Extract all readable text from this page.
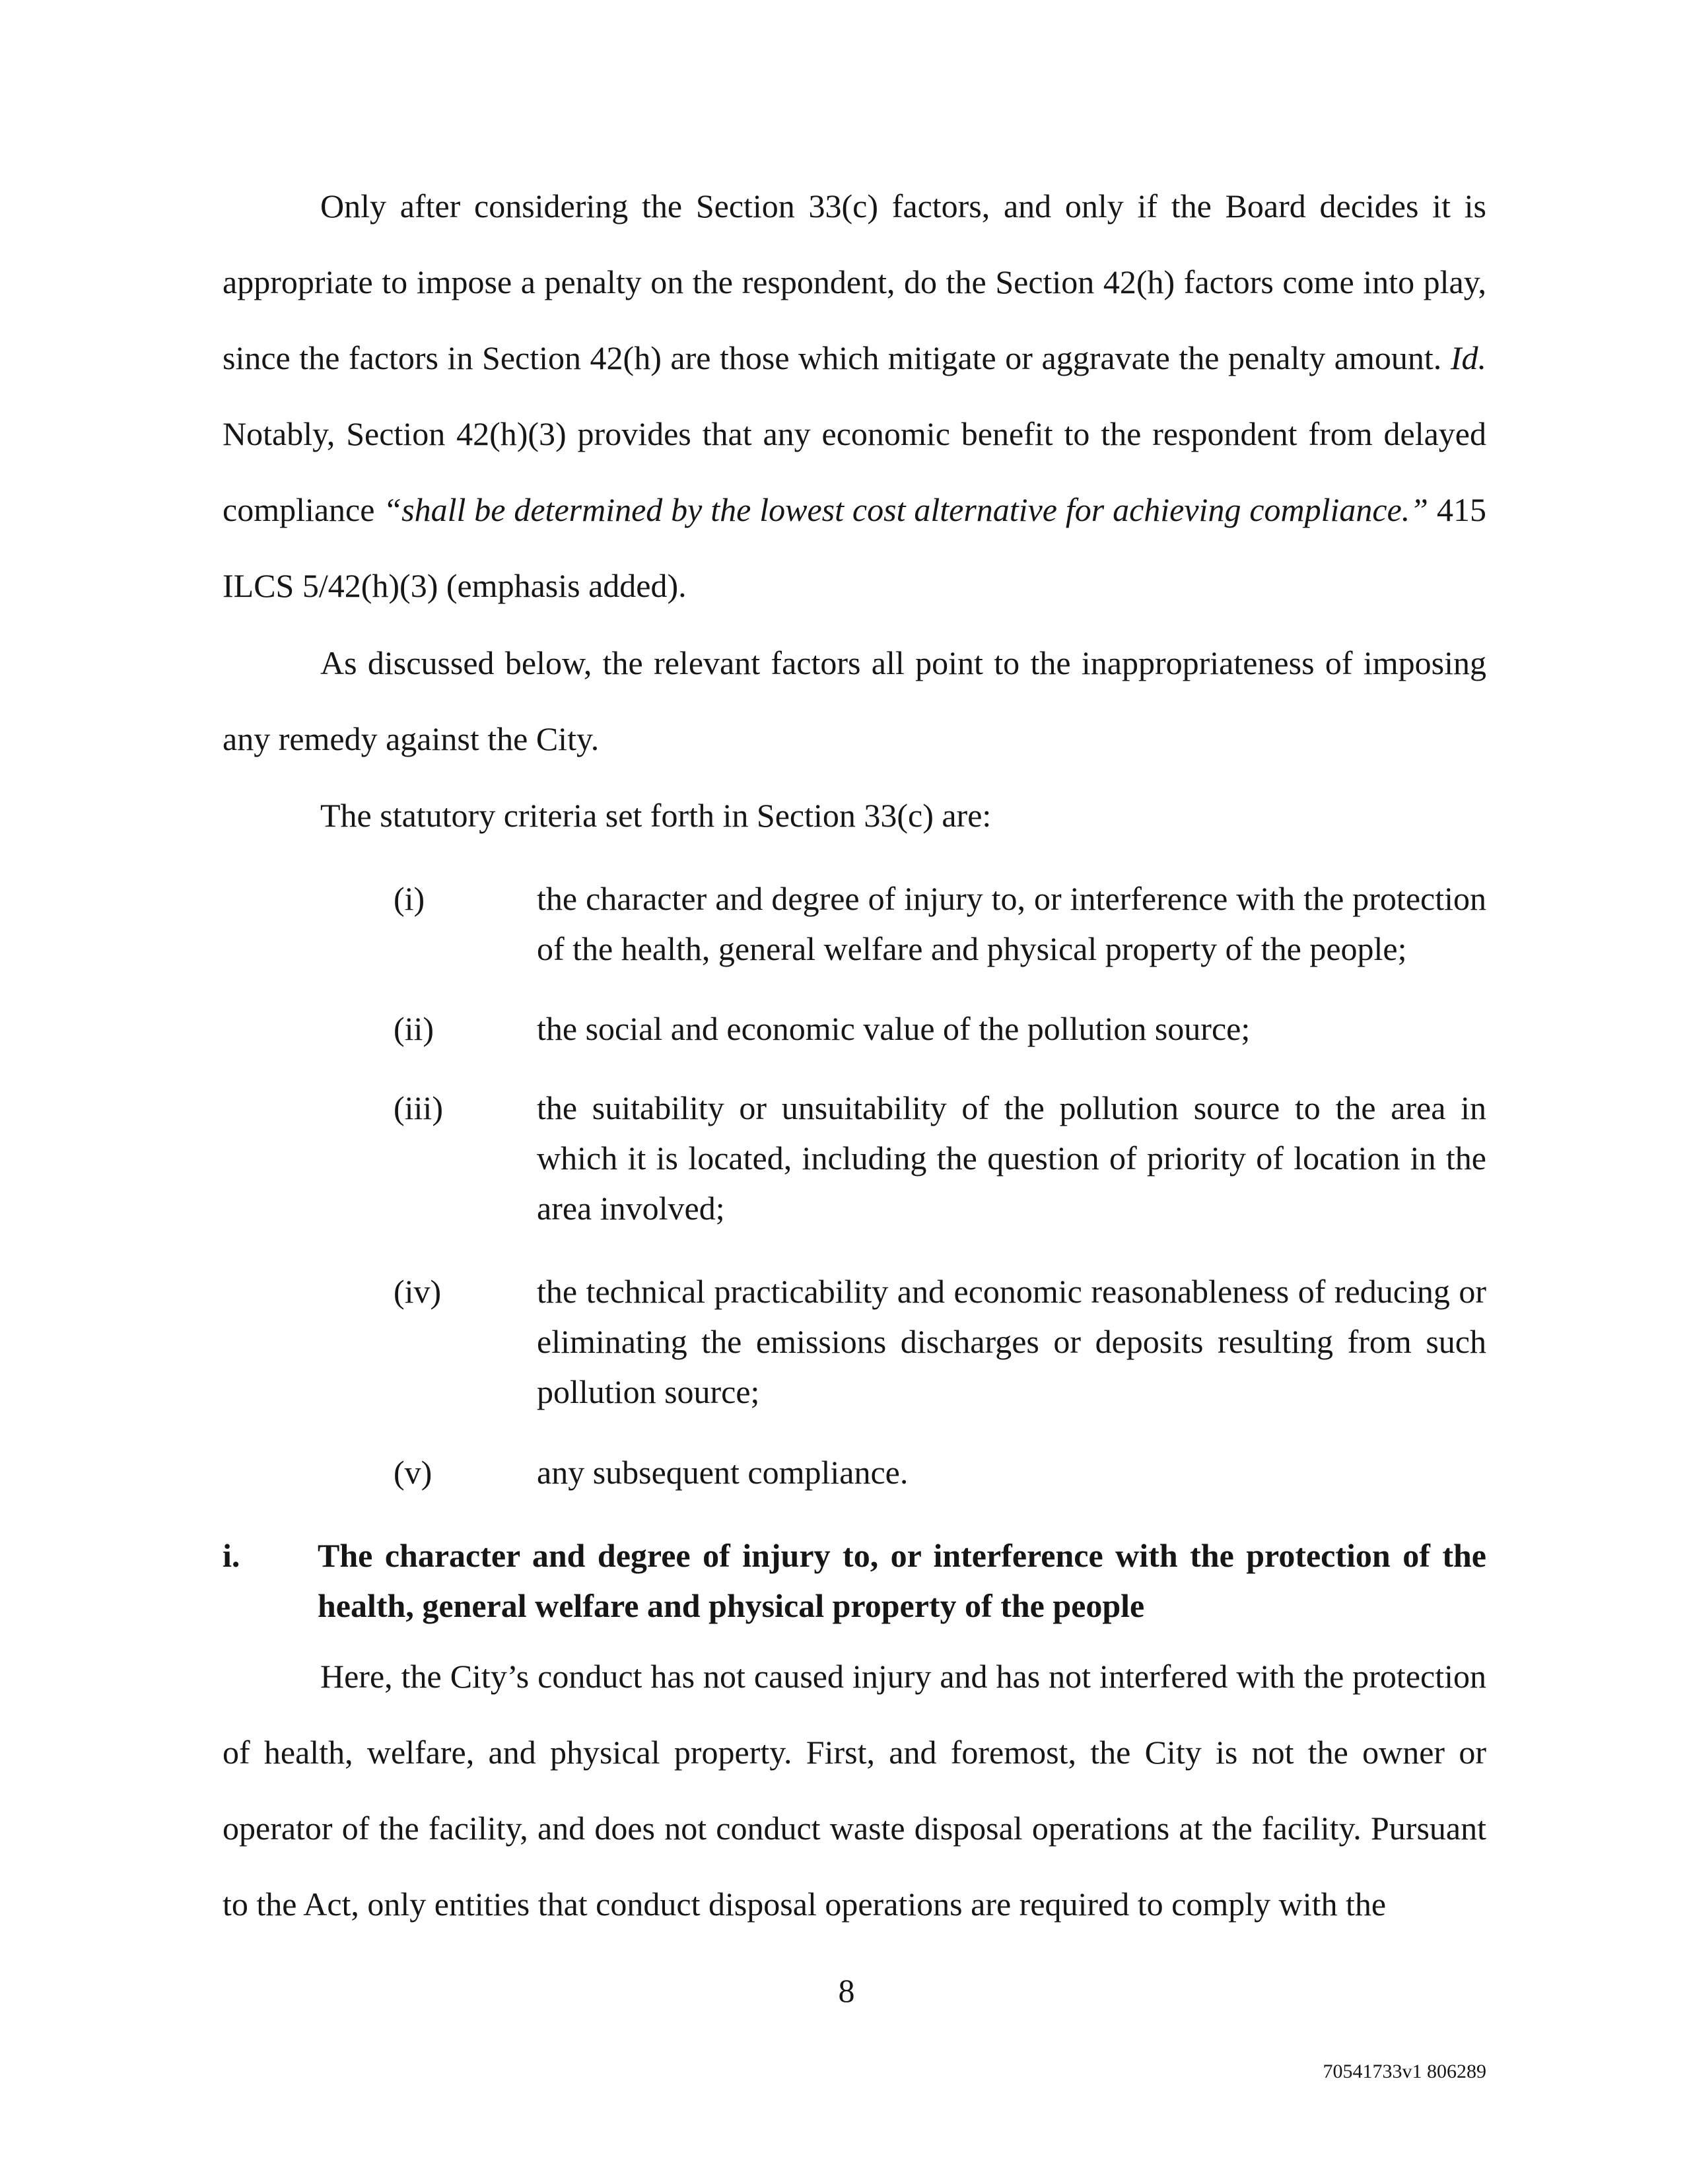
Only after considering the Section 33(c) factors, and only if the Board decides it is appropriate to impose a penalty on the respondent, do the Section 42(h) factors come into play, since the factors in Section 42(h) are those which mitigate or aggravate the penalty amount. Id. Notably, Section 42(h)(3) provides that any economic benefit to the respondent from delayed compliance “shall be determined by the lowest cost alternative for achieving compliance.” 415 ILCS 5/42(h)(3) (emphasis added).

As discussed below, the relevant factors all point to the inappropriateness of imposing any remedy against the City.

The statutory criteria set forth in Section 33(c) are:

(i)	the character and degree of injury to, or interference with the protection of the health, general welfare and physical property of the people;
(ii)	the social and economic value of the pollution source;
(iii)	the suitability or unsuitability of the pollution source to the area in which it is located, including the question of priority of location in the area involved;
(iv)	the technical practicability and economic reasonableness of reducing or eliminating the emissions discharges or deposits resulting from such pollution source;
(v)	any subsequent compliance.
i. The character and degree of injury to, or interference with the protection of the health, general welfare and physical property of the people

Here, the City’s conduct has not caused injury and has not interfered with the protection of health, welfare, and physical property. First, and foremost, the City is not the owner or operator of the facility, and does not conduct waste disposal operations at the facility. Pursuant to the Act, only entities that conduct disposal operations are required to comply with the

8
70541733v1 806289
